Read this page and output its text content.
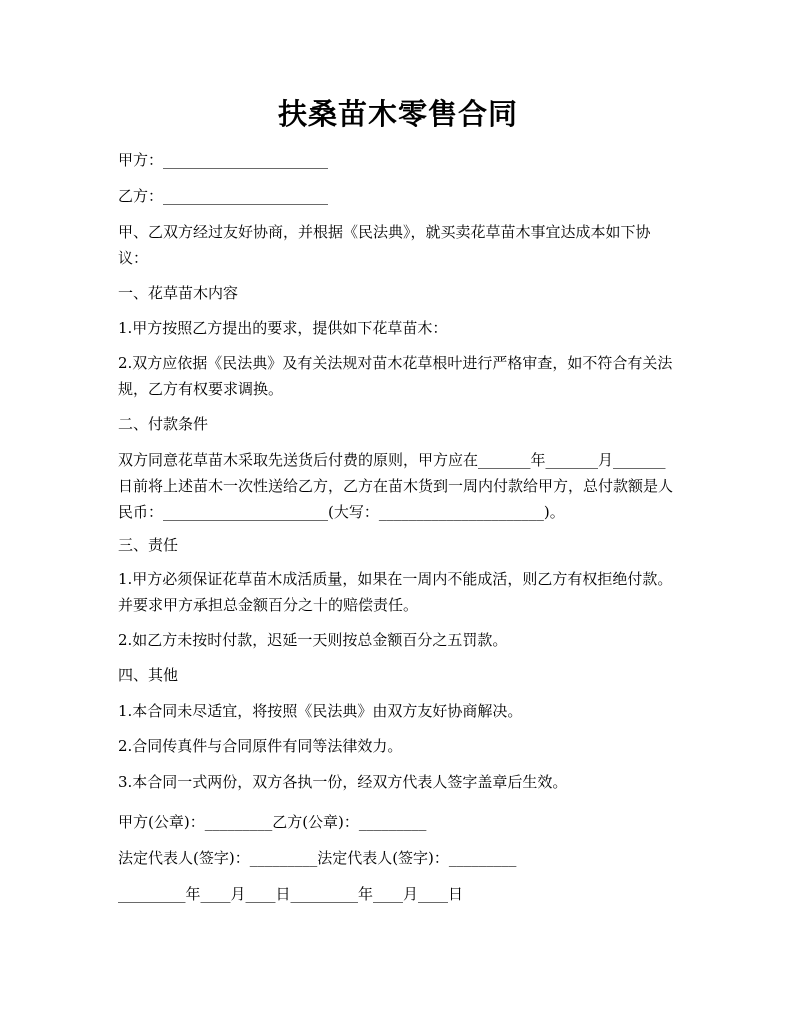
扶桑苗木零售合同
甲方：______________________
乙方：______________________
甲、乙双方经过友好协商，并根据《民法典》，就买卖花草苗木事宜达成本如下协议：
一、花草苗木内容
1.甲方按照乙方提出的要求，提供如下花草苗木：
2.双方应依据《民法典》及有关法规对苗木花草根叶进行严格审查，如不符合有关法规，乙方有权要求调换。
二、付款条件
双方同意花草苗木采取先送货后付费的原则，甲方应在_______年_______月_______日前将上述苗木一次性送给乙方，乙方在苗木货到一周内付款给甲方，总付款额是人民币：______________________(大写：______________________)。
三、责任
1.甲方必须保证花草苗木成活质量，如果在一周内不能成活，则乙方有权拒绝付款。并要求甲方承担总金额百分之十的赔偿责任。
2.如乙方未按时付款，迟延一天则按总金额百分之五罚款。
四、其他
1.本合同未尽适宜，将按照《民法典》由双方友好协商解决。
2.合同传真件与合同原件有同等法律效力。
3.本合同一式两份，双方各执一份，经双方代表人签字盖章后生效。
甲方(公章)：_________乙方(公章)：_________
法定代表人(签字)：_________法定代表人(签字)：_________
_________年____月____日_________年____月____日
